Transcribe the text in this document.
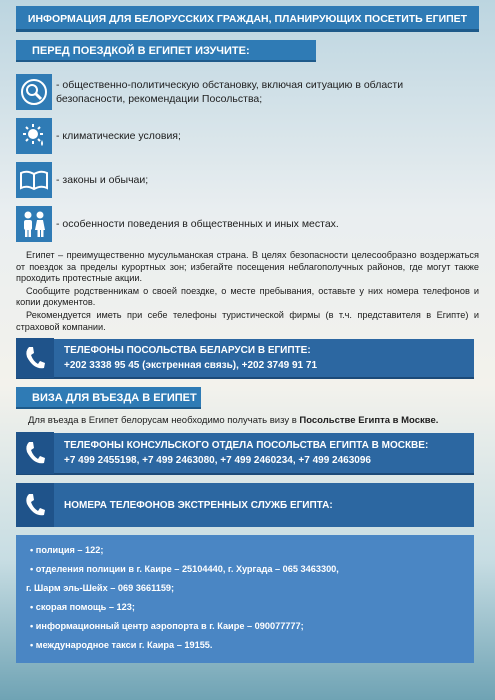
ИНФОРМАЦИЯ ДЛЯ БЕЛОРУССКИХ ГРАЖДАН, ПЛАНИРУЮЩИХ ПОСЕТИТЬ ЕГИПЕТ
ПЕРЕД ПОЕЗДКОЙ В ЕГИПЕТ ИЗУЧИТЕ:
- общественно-политическую обстановку, включая ситуацию в области безопасности, рекомендации Посольства;
- климатические условия;
- законы и обычаи;
- особенности поведения в общественных и иных местах.

Египет – преимущественно мусульманская страна. В целях безопасности целесообразно воздержаться от поездок за пределы курортных зон; избегайте посещения неблагополучных районов, где могут также проходить протестные акции.

Сообщите родственникам о своей поездке, о месте пребывания, оставьте у них номера телефонов и копии документов.

Рекомендуется иметь при себе телефоны туристической фирмы (в т.ч. представителя в Египте) и страховой компании.

ТЕЛЕФОНЫ ПОСОЛЬСТВА БЕЛАРУСИ В ЕГИПТЕ:
+202 3338 95 45 (экстренная связь), +202 3749 91 71
ВИЗА ДЛЯ ВЪЕЗДА В ЕГИПЕТ
Для въезда в Египет белорусам необходимо получать визу в Посольстве Египта в Москве.
ТЕЛЕФОНЫ КОНСУЛЬСКОГО ОТДЕЛА ПОСОЛЬСТВА ЕГИПТА В МОСКВЕ:
+7 499 2455198, +7 499 2463080, +7 499 2460234, +7 499 2463096
НОМЕРА ТЕЛЕФОНОВ ЭКСТРЕННЫХ СЛУЖБ ЕГИПТА:
• полиция – 122;
• отделения полиции в г. Каире – 25104440, г. Хургада – 065 3463300,
г. Шарм эль-Шейх – 069 3661159;
• скорая помощь – 123;
• информационный центр аэропорта в г. Каире – 090077777;
• международное такси г. Каира – 19155.
